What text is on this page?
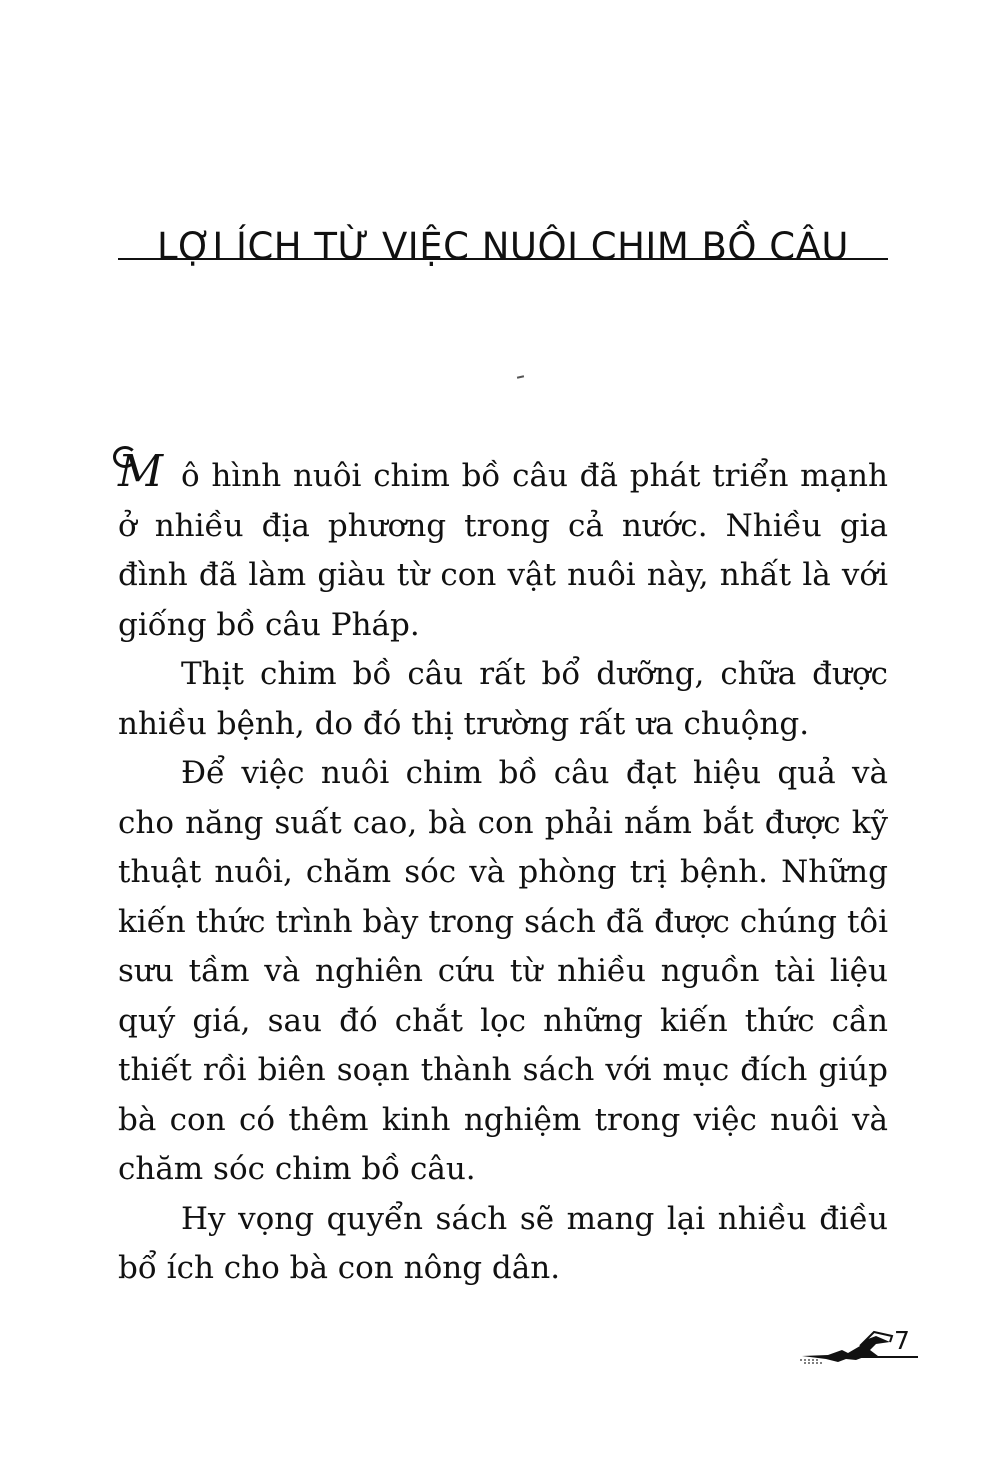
LỢI ÍCH TỪ VIỆC NUÔI CHIM BỒ CÂU

M ô hình nuôi chim bồ câu đã phát triển mạnh ở nhiều địa phương trong cả nước. Nhiều gia đình đã làm giàu từ con vật nuôi này, nhất là với giống bồ câu Pháp.

Thịt chim bồ câu rất bổ dưỡng, chữa được nhiều bệnh, do đó thị trường rất ưa chuộng.

Để việc nuôi chim bồ câu đạt hiệu quả và cho năng suất cao, bà con phải nắm bắt được kỹ thuật nuôi, chăm sóc và phòng trị bệnh. Những kiến thức trình bày trong sách đã được chúng tôi sưu tầm và nghiên cứu từ nhiều nguồn tài liệu quý giá, sau đó chắt lọc những kiến thức cần thiết rồi biên soạn thành sách với mục đích giúp bà con có thêm kinh nghiệm trong việc nuôi và chăm sóc chim bồ câu.

Hy vọng quyển sách sẽ mang lại nhiều điều bổ ích cho bà con nông dân.

7
